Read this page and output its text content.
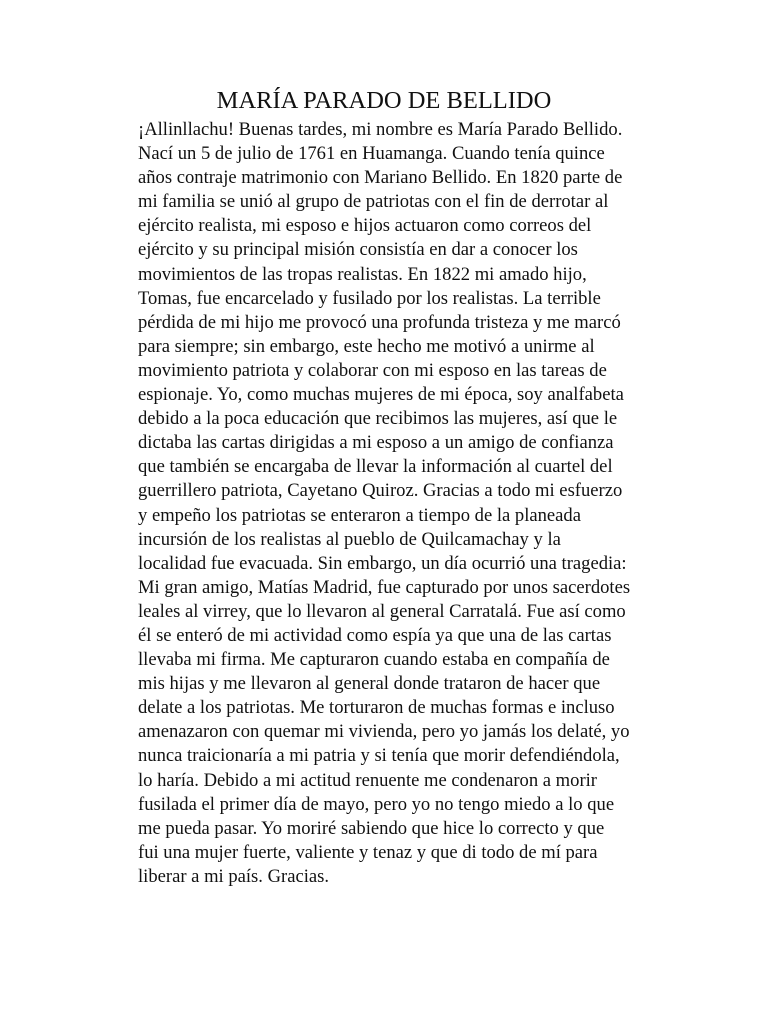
MARÍA PARADO DE BELLIDO
¡Allinllachu! Buenas tardes, mi nombre es María Parado Bellido.
Nací un 5 de julio de 1761 en Huamanga. Cuando tenía quince
años contraje matrimonio con Mariano Bellido. En 1820 parte de
mi familia se unió al grupo de patriotas con el fin de derrotar al
ejército realista, mi esposo e hijos actuaron como correos del
ejército y su principal misión consistía en dar a conocer los
movimientos de las tropas realistas. En 1822 mi amado hijo,
Tomas, fue encarcelado y fusilado por los realistas. La terrible
pérdida de mi hijo me provocó una profunda tristeza y me marcó
para siempre; sin embargo, este hecho me motivó a unirme al
movimiento patriota y colaborar con mi esposo en las tareas de
espionaje. Yo, como muchas mujeres de mi época, soy analfabeta
debido a la poca educación que recibimos las mujeres, así que le
dictaba las cartas dirigidas a mi esposo a un amigo de confianza
que también se encargaba de llevar la información al cuartel del
guerrillero patriota, Cayetano Quiroz. Gracias a todo mi esfuerzo
y empeño los patriotas se enteraron a tiempo de la planeada
incursión de los realistas al pueblo de Quilcamachay y la
localidad fue evacuada. Sin embargo, un día ocurrió una tragedia:
Mi gran amigo, Matías Madrid, fue capturado por unos sacerdotes
leales al virrey, que lo llevaron al general Carratalá. Fue así como
él se enteró de mi actividad como espía ya que una de las cartas
llevaba mi firma. Me capturaron cuando estaba en compañía de
mis hijas y me llevaron al general donde trataron de hacer que
delate a los patriotas. Me torturaron de muchas formas e incluso
amenazaron con quemar mi vivienda, pero yo jamás los delaté, yo
nunca traicionaría a mi patria y si tenía que morir defendiéndola,
lo haría. Debido a mi actitud renuente me condenaron a morir
fusilada el primer día de mayo, pero yo no tengo miedo a lo que
me pueda pasar. Yo moriré sabiendo que hice lo correcto y que
fui una mujer fuerte, valiente y tenaz y que di todo de mí para
liberar a mi país. Gracias.
